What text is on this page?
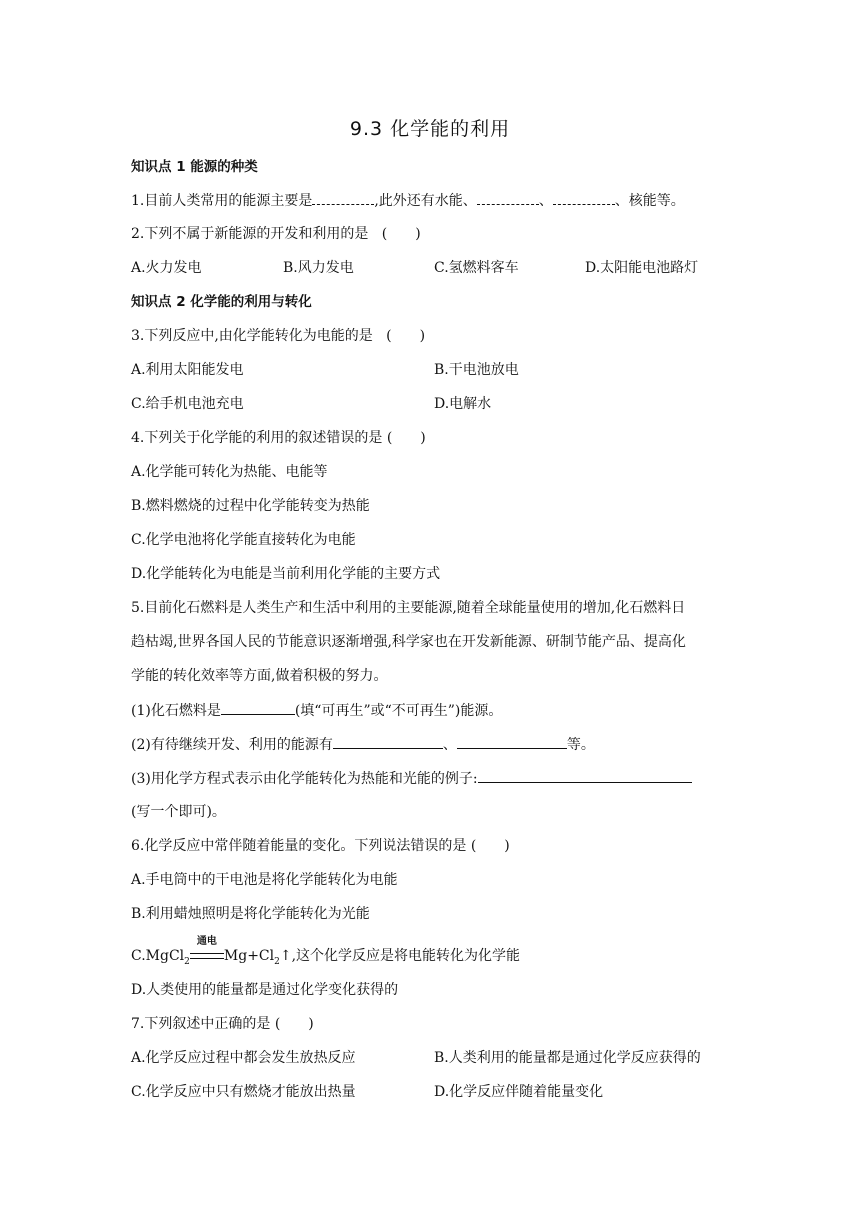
9.3 化学能的利用
知识点 1 能源的种类
1.目前人类常用的能源主要是	,此外还有水能、	、	、核能等。
2.下列不属于新能源的开发和利用的是 ( )
A.火力发电	B.风力发电	C.氢燃料客车	D.太阳能电池路灯
知识点 2 化学能的利用与转化
3.下列反应中,由化学能转化为电能的是 ( )
A.利用太阳能发电	B.干电池放电
C.给手机电池充电	D.电解水
4.下列关于化学能的利用的叙述错误的是 ( )
A.化学能可转化为热能、电能等
B.燃料燃烧的过程中化学能转变为热能
C.化学电池将化学能直接转化为电能
D.化学能转化为电能是当前利用化学能的主要方式
5.目前化石燃料是人类生产和生活中利用的主要能源,随着全球能量使用的增加,化石燃料日
趋枯竭,世界各国人民的节能意识逐渐增强,科学家也在开发新能源、研制节能产品、提高化
学能的转化效率等方面,做着积极的努力。
(1)化石燃料是	(填“可再生”或“不可再生”)能源。
(2)有待继续开发、利用的能源有	、	等。
(3)用化学方程式表示由化学能转化为热能和光能的例子:
(写一个即可)。
6.化学反应中常伴随着能量的变化。下列说法错误的是 ( )
A.手电筒中的干电池是将化学能转化为电能
B.利用蜡烛照明是将化学能转化为光能
C.MgCl$_2$
通电
$Mg+Cl_2↑$,这个化学反应是将电能转化为化学能
D.人类使用的能量都是通过化学变化获得的
7.下列叙述中正确的是 ( )
A.化学反应过程中都会发生放热反应	B.人类利用的能量都是通过化学反应获得的
C.化学反应中只有燃烧才能放出热量	D.化学反应伴随着能量变化
